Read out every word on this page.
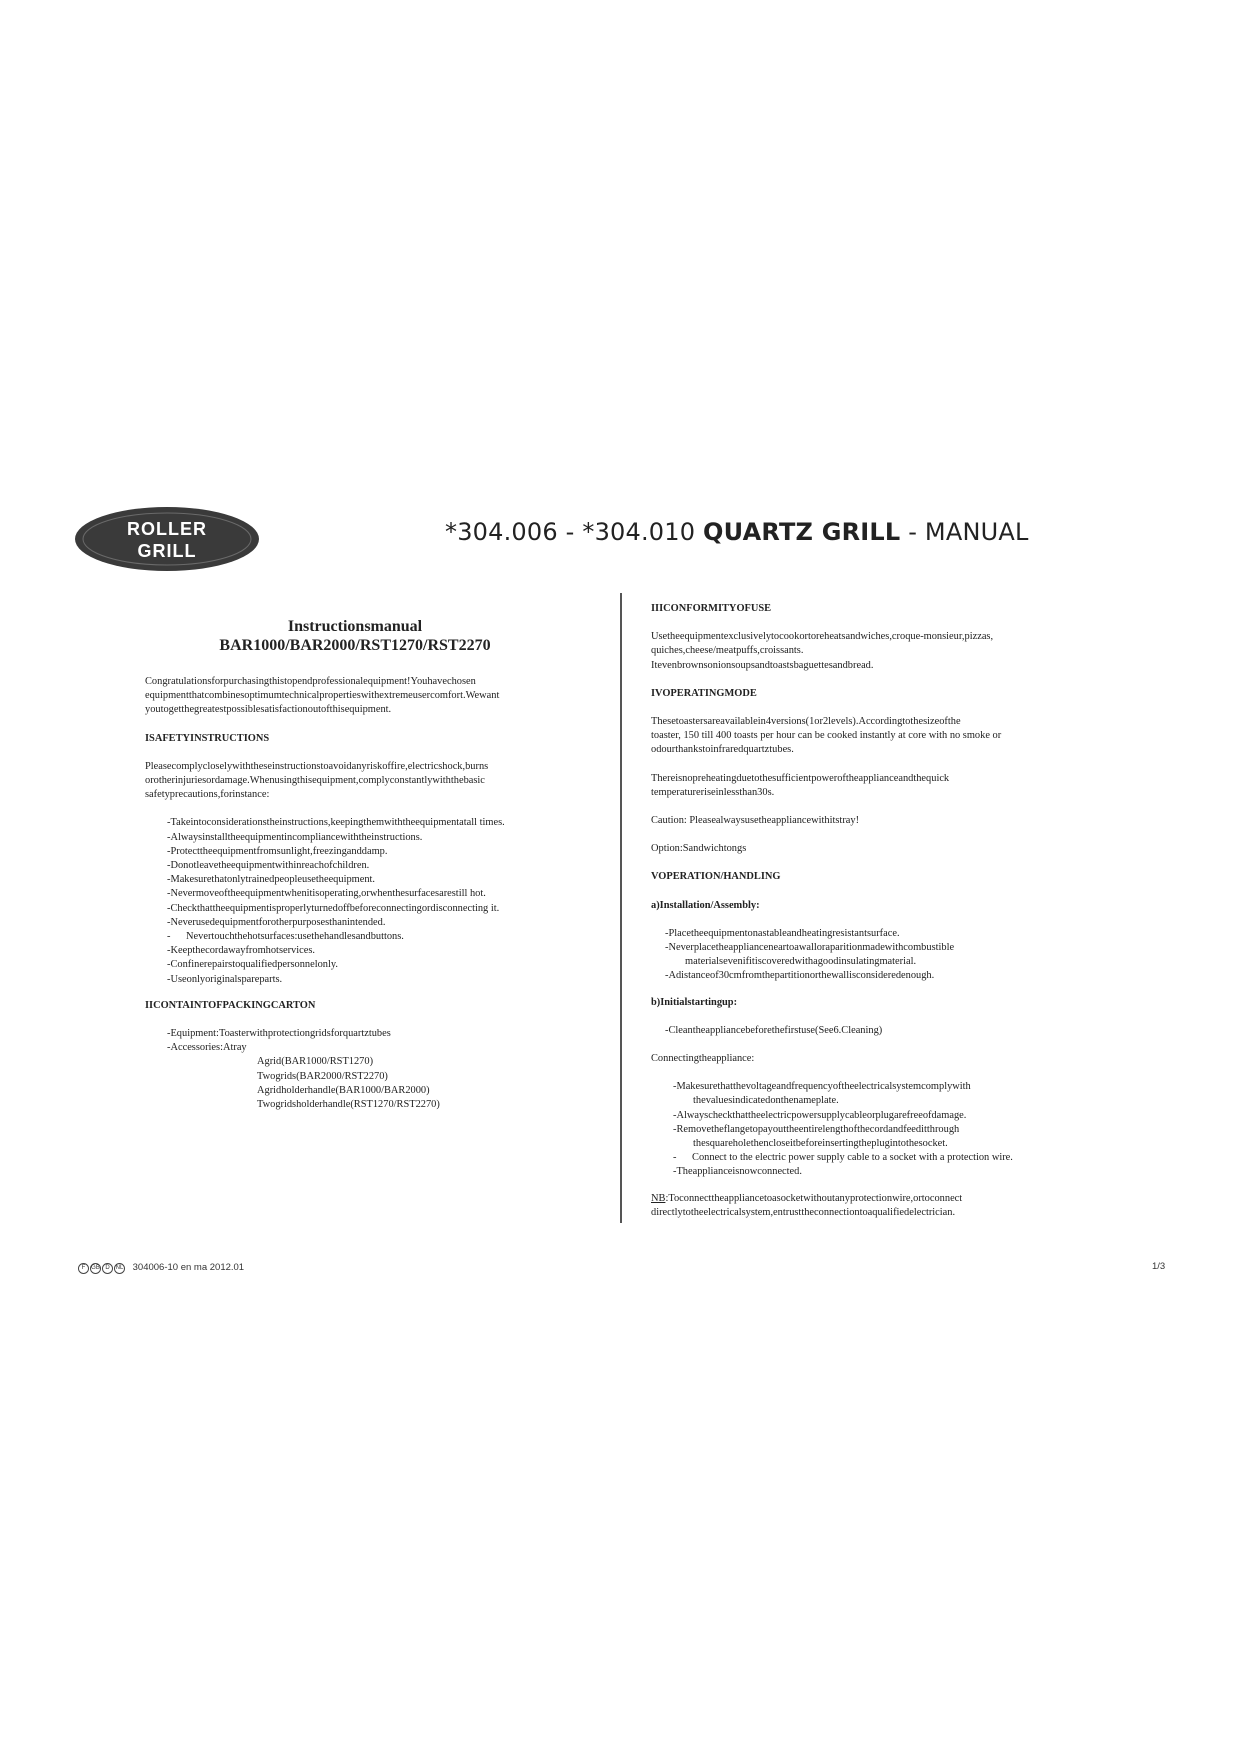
ROLLER
GRILL
*304.006 - *304.010 QUARTZ GRILL - MANUAL
Instructionsmanual
BAR1000/BAR2000/RST1270/RST2270
Congratulationsforpurchasingthistopendprofessionalequipment!Youhavechosen equipmentthatcombinesoptimumtechnicalpropertieswithextremeusercomfort.Wewant youtogetthegreatestpossiblesatisfactionoutofthisequipment.
ISAFETYINSTRUCTIONS
Pleasecomplycloselywiththeseinstructionstoavoidanyriskoffire,electricshock,burns orotherinjuriesordamage.Whenusingthisequipment,complyconstantlywiththebasic safetyprecautions,forinstance:
-Takeintoconsiderationstheinstructions,keepingthemwiththeequipmentatall times.
-Alwaysinstalltheequipmentincompliancewiththeinstructions.
-Protecttheequipmentfromsunlight,freezinganddamp.
-Donotleavetheequipmentwithinreachofchildren.
-Makesurethatonlytrainedpeopleusetheequipment.
-Nevermoveoftheequipmentwhenitisoperating,orwhenthesurfacesarestill hot.
-Checkthattheequipmentisproperlyturnedoffbeforeconnectingordisconnecting it.
-Neverusedequipmentforotherpurposesthanintended.
-      Nevertouchthehotsurfaces:usethehandlesandbuttons.
-Keepthecordawayfromhotservices.
-Confinerepairstoqualifiedpersonnelonly.
-Useonlyoriginalspareparts.
IICONTAINTOFPACKINGCARTON
-Equipment:Toasterwithprotectiongridsforquartztubes
-Accessories:Atray
Agrid(BAR1000/RST1270)
Twogrids(BAR2000/RST2270)
Agridholderhandle(BAR1000/BAR2000)
Twogridsholderhandle(RST1270/RST2270)
IIICONFORMITYOFUSE
Usetheequipmentexclusivelytocookortoreheatsandwiches,croque-monsieur,pizzas,
quiches,cheese/meatpuffs,croissants.
Itevenbrownsonionsoupsandtoastsbaguettesandbread.
IVOPERATINGMODE
Thesetoastersareavailablein4versions(1or2levels).Accordingtothesizeofthe
toaster, 150 till 400 toasts per hour can be cooked instantly at core with no smoke or
odourthankstoinfraredquartztubes.
Thereisnopreheatingduetothesufficientpoweroftheapplianceandthequick
temperatureriseinlessthan30s.
Caution: Pleasealwaysusetheappliancewithitstray!
Option:Sandwichtongs
VOPERATION/HANDLING
a)Installation/Assembly:
-Placetheequipmentonastableandheatingresistantsurface.
-Neverplacetheapplianceneartoawalloraparitionmadewithcombustible materialsevenifitiscoveredwithagoodinsulatingmaterial.
-Adistanceof30cmfromthepartitionorthewallisconsideredenough.
b)Initialstartingup:
-Cleantheappliancebeforethefirstuse(See6.Cleaning)
Connectingtheappliance:
-Makesurethatthevoltageandfrequencyoftheelectricalsystemcomplywith thevaluesindicatedonthenameplate.
-Alwayscheckthattheelectricpowersupplycableorplugarefreeofdamage.
-Removetheflangetopayouttheentirelengthofthecordandfeeditthrough thesquareholethencloseitbeforeinsertingtheplugintothesocket.
-      Connect to the electric power supply cable to a socket with a protection wire.
-Theapplianceisnowconnected.
NB:Toconnecttheappliancetoasocketwithoutanyprotectionwire,ortoconnect directlytotheelectricalsystem,entrusttheconnectiontoaqualifiedelectrician.
F GB D NL 304006-10 en ma 2012.01	1/3
